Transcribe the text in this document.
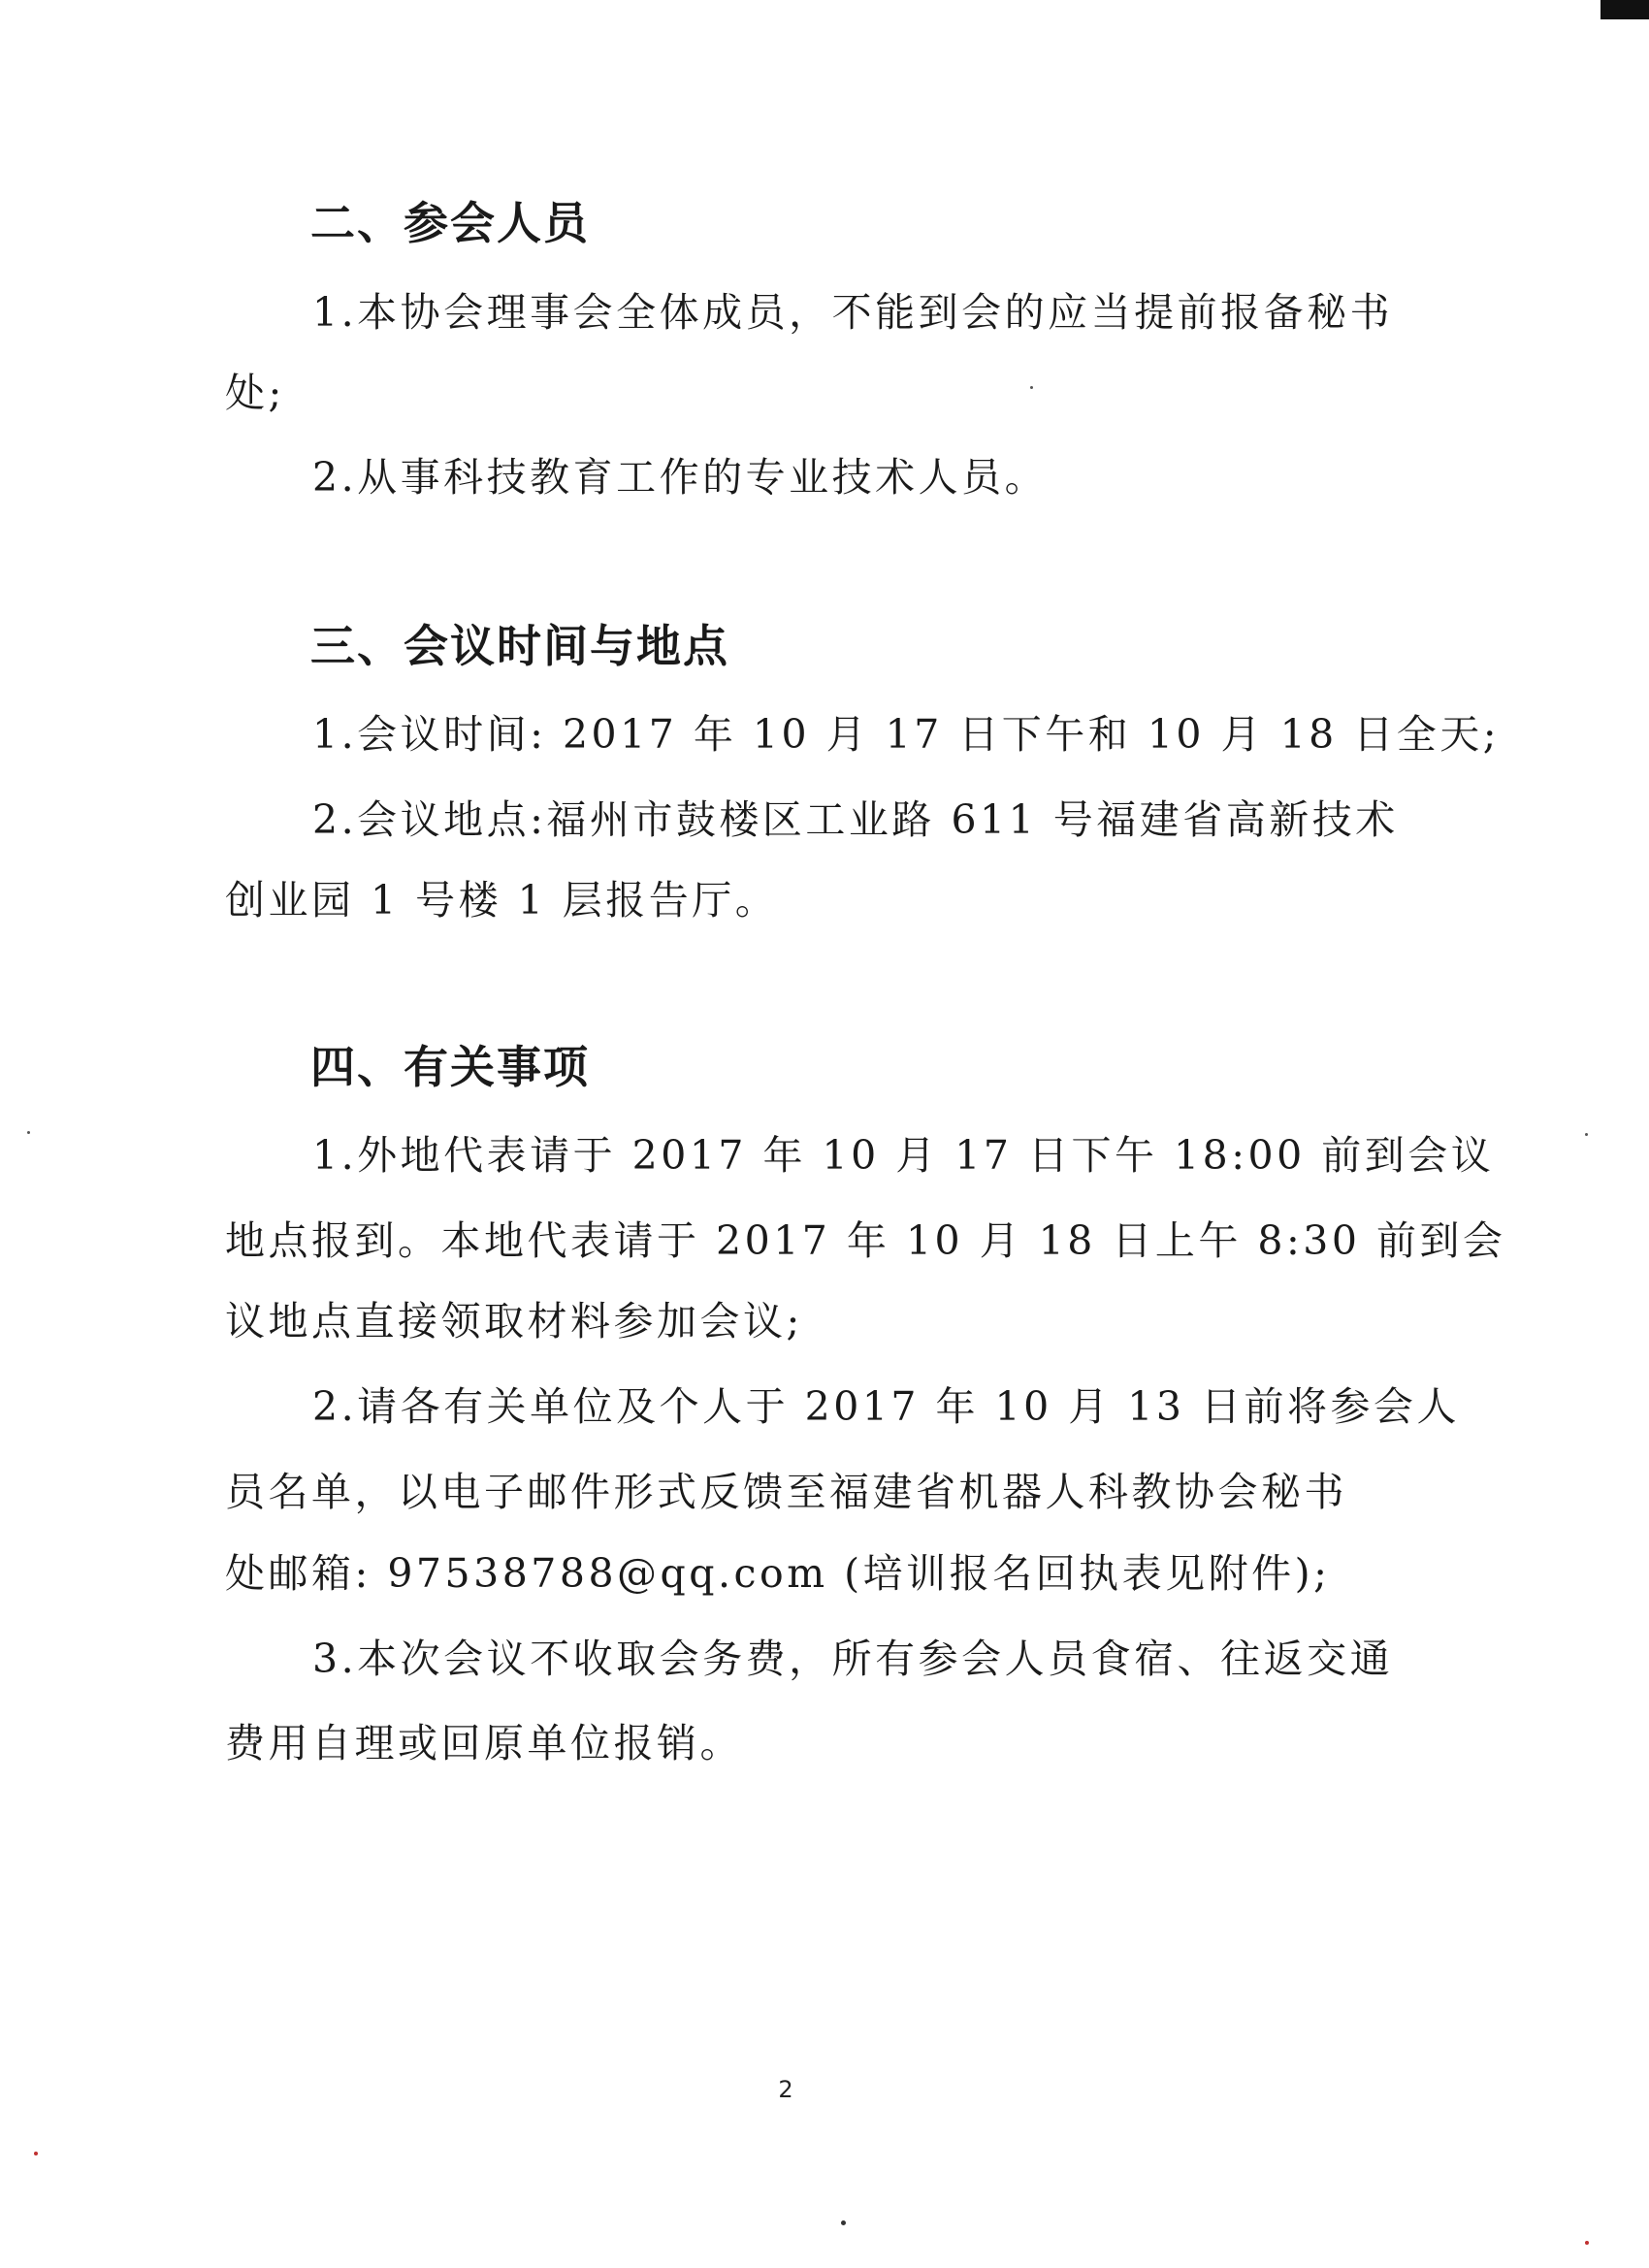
二、参会人员
1.本协会理事会全体成员，不能到会的应当提前报备秘书
处;
2.从事科技教育工作的专业技术人员。
三、会议时间与地点
1.会议时间: 2017 年 10 月 17 日下午和 10 月 18 日全天;
2.会议地点:福州市鼓楼区工业路 611 号福建省高新技术
创业园 1 号楼 1 层报告厅。
四、有关事项
1.外地代表请于 2017 年 10 月 17 日下午 18:00 前到会议
地点报到。本地代表请于 2017 年 10 月 18 日上午 8:30 前到会
议地点直接领取材料参加会议;
2.请各有关单位及个人于 2017 年 10 月 13 日前将参会人
员名单，以电子邮件形式反馈至福建省机器人科教协会秘书
处邮箱: 97538788@qq.com (培训报名回执表见附件);
3.本次会议不收取会务费，所有参会人员食宿、往返交通
费用自理或回原单位报销。
2
